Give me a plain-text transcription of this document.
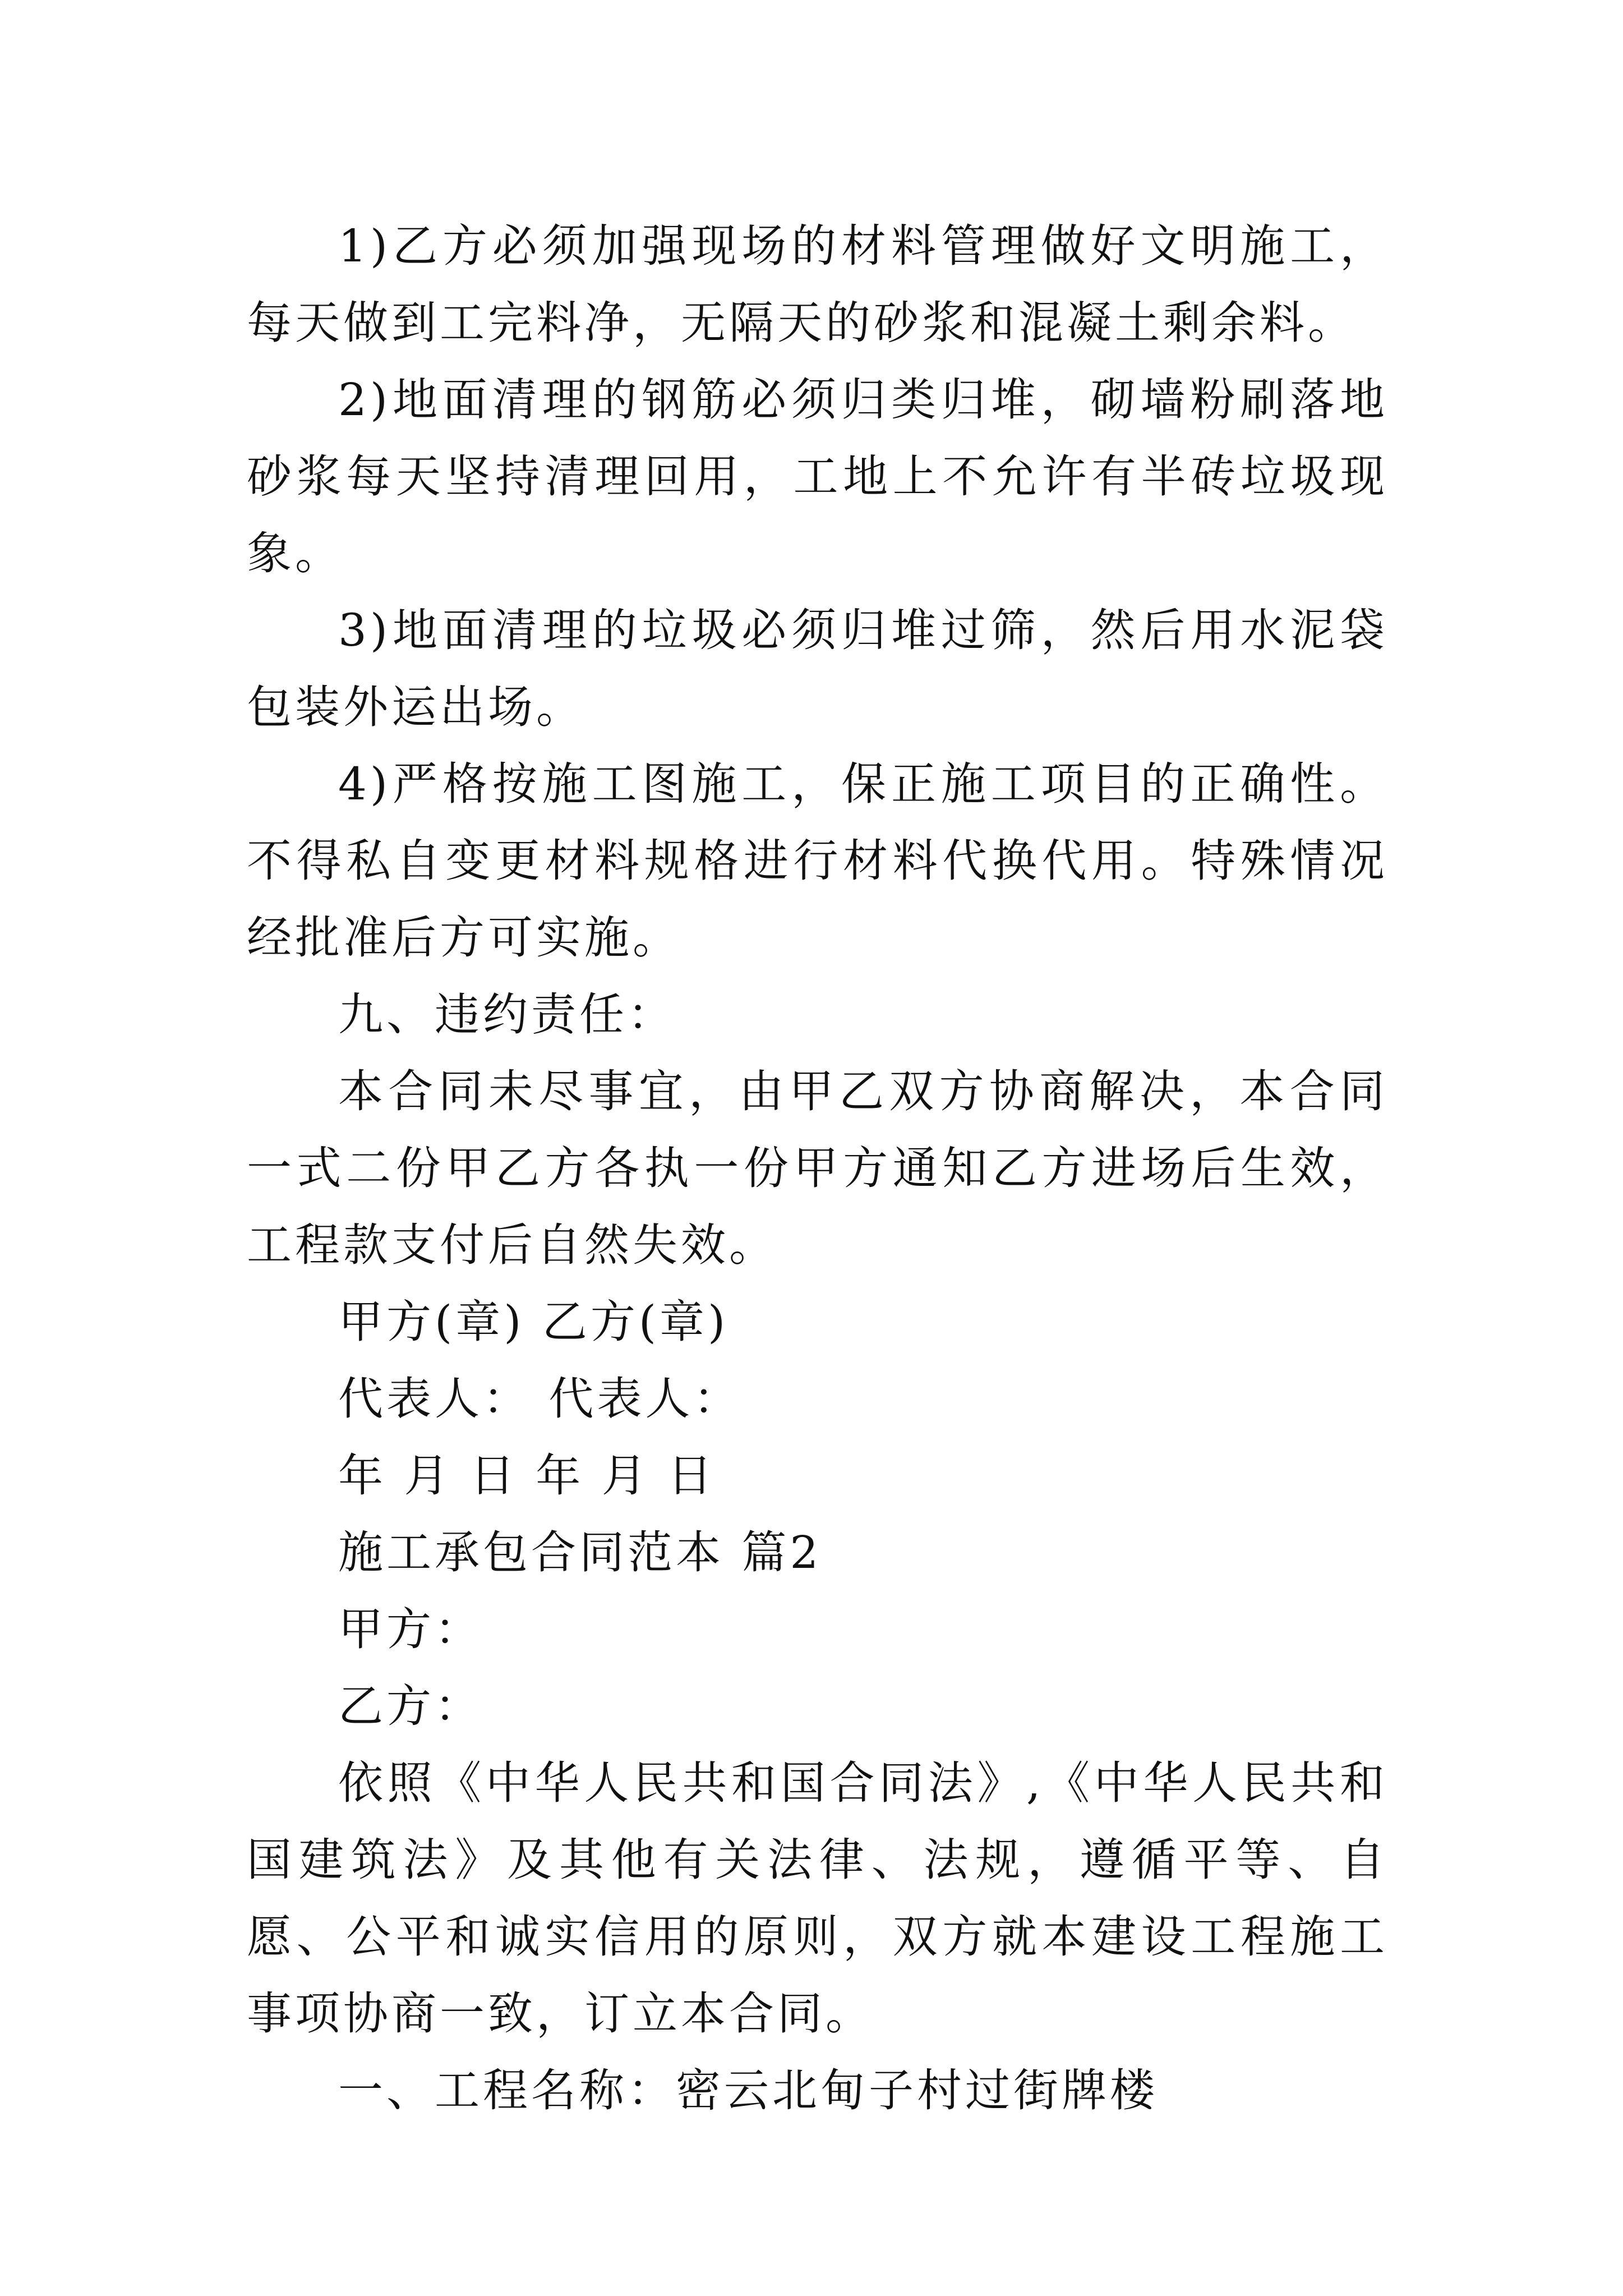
1)乙方必须加强现场的材料管理做好文明施工，每天做到工完料净，无隔天的砂浆和混凝土剩余料。

2)地面清理的钢筋必须归类归堆，砌墙粉刷落地砂浆每天坚持清理回用，工地上不允许有半砖垃圾现象。

3)地面清理的垃圾必须归堆过筛，然后用水泥袋包装外运出场。

4)严格按施工图施工，保正施工项目的正确性。不得私自变更材料规格进行材料代换代用。特殊情况经批准后方可实施。

九、违约责任：

本合同未尽事宜，由甲乙双方协商解决，本合同一式二份甲乙方各执一份甲方通知乙方进场后生效，工程款支付后自然失效。

甲方(章) 乙方(章)

代表人： 代表人：

年 月 日 年 月 日

施工承包合同范本 篇2

甲方：

乙方：

依照《中华人民共和国合同法》,《中华人民共和国建筑法》及其他有关法律、法规，遵循平等、自愿、公平和诚实信用的原则，双方就本建设工程施工事项协商一致，订立本合同。

一、工程名称：密云北甸子村过街牌楼
